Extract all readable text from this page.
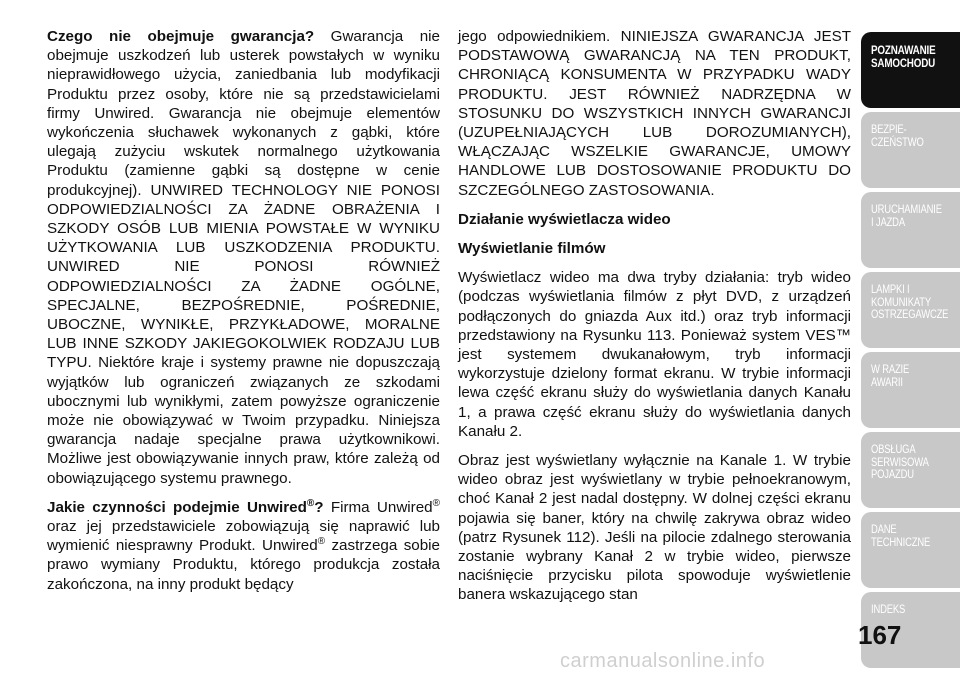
Czego nie obejmuje gwarancja? Gwarancja nie obejmuje uszkodzeń lub usterek powstałych w wyniku nieprawidłowego użycia, zaniedbania lub modyfikacji Produktu przez osoby, które nie są przedstawicielami firmy Unwired. Gwarancja nie obejmuje elementów wykończenia słuchawek wykonanych z gąbki, które ulegają zużyciu wskutek normalnego użytkowania Produktu (zamienne gąbki są dostępne w cenie produkcyjnej). UNWIRED TECHNOLOGY NIE PONOSI ODPOWIEDZIALNOŚCI ZA ŻADNE OBRAŻENIA I SZKODY OSÓB LUB MIENIA POWSTAŁE W WYNIKU UŻYTKOWANIA LUB USZKODZENIA PRODUKTU. UNWIRED NIE PONOSI RÓWNIEŻ ODPOWIEDZIALNOŚCI ZA ŻADNE OGÓLNE, SPECJALNE, BEZPOŚREDNIE, POŚREDNIE, UBOCZNE, WYNIKŁE, PRZYKŁADOWE, MORALNE LUB INNE SZKODY JAKIEGOKOLWIEK RODZAJU LUB TYPU. Niektóre kraje i systemy prawne nie dopuszczają wyjątków lub ograniczeń związanych ze szkodami ubocznymi lub wynikłymi, zatem powyższe ograniczenie może nie obowiązywać w Twoim przypadku. Niniejsza gwarancja nadaje specjalne prawa użytkownikowi. Możliwe jest obowiązywanie innych praw, które zależą od obowiązującego systemu prawnego.

Jakie czynności podejmie Unwired®? Firma Unwired® oraz jej przedstawiciele zobowiązują się naprawić lub wymienić niesprawny Produkt. Unwired® zastrzega sobie prawo wymiany Produktu, którego produkcja została zakończona, na inny produkt będący

jego odpowiednikiem. NINIEJSZA GWARANCJA JEST PODSTAWOWĄ GWARANCJĄ NA TEN PRODUKT, CHRONIĄCĄ KONSUMENTA W PRZYPADKU WADY PRODUKTU. JEST RÓWNIEŻ NADRZĘDNA W STOSUNKU DO WSZYSTKICH INNYCH GWARANCJI (UZUPEŁNIAJĄCYCH LUB DOROZUMIANYCH), WŁĄCZAJĄC WSZELKIE GWARANCJE, UMOWY HANDLOWE LUB DOSTOSOWANIE PRODUKTU DO SZCZEGÓLNEGO ZASTOSOWANIA.

Działanie wyświetlacza wideo

Wyświetlanie filmów

Wyświetlacz wideo ma dwa tryby działania: tryb wideo (podczas wyświetlania filmów z płyt DVD, z urządzeń podłączonych do gniazda Aux itd.) oraz tryb informacji przedstawiony na Rysunku 113. Ponieważ system VES™ jest systemem dwukanałowym, tryb informacji wykorzystuje dzielony format ekranu. W trybie informacji lewa część ekranu służy do wyświetlania danych Kanału 1, a prawa część ekranu służy do wyświetlania danych Kanału 2.

Obraz jest wyświetlany wyłącznie na Kanale 1. W trybie wideo obraz jest wyświetlany w trybie pełnoekranowym, choć Kanał 2 jest nadal dostępny. W dolnej części ekranu pojawia się baner, który na chwilę zakrywa obraz wideo (patrz Rysunek 112). Jeśli na pilocie zdalnego sterowania zostanie wybrany Kanał 2 w trybie wideo, pierwsze naciśnięcie przycisku pilota spowoduje wyświetlenie banera wskazującego stan

POZNAWANIE
SAMOCHODU
BEZPIE-
CZEŃSTWO
URUCHAMIANIE
I JAZDA
LAMPKI I
KOMUNIKATY
OSTRZEGAWCZE
W RAZIE
AWARII
OBSŁUGA
SERWISOWA
POJAZDU
DANE
TECHNICZNE
INDEKS
167
carmanualsonline.info
